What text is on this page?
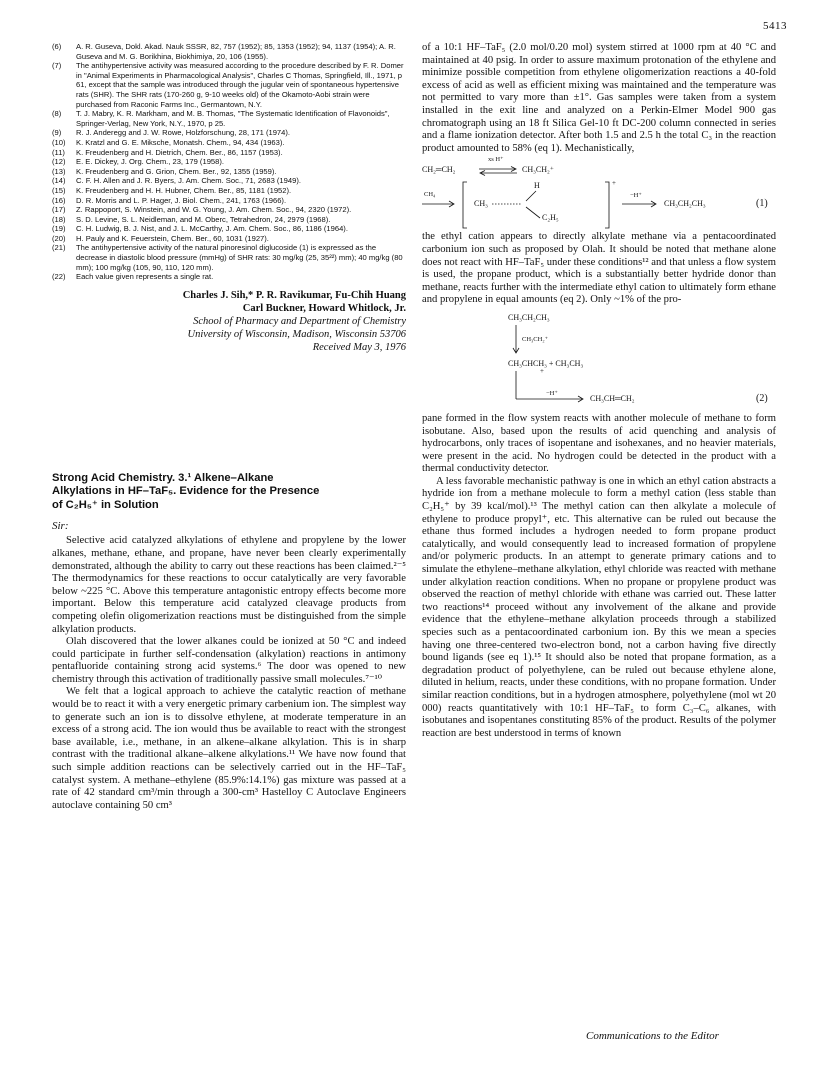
5413
(6)	A. R. Guseva, Dokl. Akad. Nauk SSSR, 82, 757 (1952); 85, 1353 (1952); 94, 1137 (1954); A. R. Guseva and M. G. Borikhina, Biokhimiya, 20, 106 (1955).
(7)	The antihypertensive activity was measured according to the procedure described by F. R. Domer in "Animal Experiments in Pharmacological Analysis", Charles C Thomas, Springfield, Ill., 1971, p 61, except that the sample was introduced through the jugular vein of spontaneous hypertensive rats (SHR). The SHR rats (170-260 g, 9-10 weeks old) of the Okamoto-Aobi strain were purchased from Raconic Farms Inc., Germantown, N.Y.
(8)	T. J. Mabry, K. R. Markham, and M. B. Thomas, "The Systematic Identification of Flavonoids", Springer-Verlag, New York, N.Y., 1970, p 25.
(9)	R. J. Anderegg and J. W. Rowe, Holzforschung, 28, 171 (1974).
(10)	K. Kratzl and G. E. Miksche, Monatsh. Chem., 94, 434 (1963).
(11)	K. Freudenberg and H. Dietrich, Chem. Ber., 86, 1157 (1953).
(12)	E. E. Dickey, J. Org. Chem., 23, 179 (1958).
(13)	K. Freudenberg and G. Grion, Chem. Ber., 92, 1355 (1959).
(14)	C. F. H. Allen and J. R. Byers, J. Am. Chem. Soc., 71, 2683 (1949).
(15)	K. Freudenberg and H. H. Hubner, Chem. Ber., 85, 1181 (1952).
(16)	D. R. Morris and L. P. Hager, J. Biol. Chem., 241, 1763 (1966).
(17)	Z. Rappoport, S. Winstein, and W. G. Young, J. Am. Chem. Soc., 94, 2320 (1972).
(18)	S. D. Levine, S. L. Neidleman, and M. Oberc, Tetrahedron, 24, 2979 (1968).
(19)	C. H. Ludwig, B. J. Nist, and J. L. McCarthy, J. Am. Chem. Soc., 86, 1186 (1964).
(20)	H. Pauly and K. Feuerstein, Chem. Ber., 60, 1031 (1927).
(21)	The antihypertensive activity of the natural pinoresinol diglucoside (1) is expressed as the decrease in diastolic blood pressure (mmHg) of SHR rats: 30 mg/kg (25, 35²²) mm); 40 mg/kg (80 mm); 100 mg/kg (105, 90, 110, 120 mm).
(22)	Each value given represents a single rat.
Charles J. Sih,* P. R. Ravikumar, Fu-Chih Huang
Carl Buckner, Howard Whitlock, Jr.
School of Pharmacy and Department of Chemistry
University of Wisconsin, Madison, Wisconsin 53706
Received May 3, 1976
Strong Acid Chemistry. 3.¹ Alkene–Alkane
Alkylations in HF–TaF₅. Evidence for the Presence
of C₂H₅⁺ in Solution
Sir:

Selective acid catalyzed alkylations of ethylene and propylene by the lower alkanes, methane, ethane, and propane, have never been clearly experimentally demonstrated, although the ability to carry out these reactions has been claimed.²⁻⁵ The thermodynamics for these reactions to occur catalytically are very favorable below ~225 °C. Above this temperature antagonistic entropy effects become more important. Below this temperature acid catalyzed cleavage products from competing olefin oligomerization reactions must be distinguished from the simple alkylation products.

Olah discovered that the lower alkanes could be ionized at 50 °C and indeed could participate in further self-condensation (alkylation) reactions in antimony pentafluoride containing strong acid systems.⁶ The door was opened to new chemistry through this activation of traditionally passive small molecules.⁷⁻¹⁰

We felt that a logical approach to achieve the catalytic reaction of methane would be to react it with a very energetic primary carbenium ion. The simplest way to generate such an ion is to dissolve ethylene, at moderate temperature in an excess of a strong acid. The ion would thus be available to react with the strongest base available, i.e., methane, in an alkene–alkane alkylation. This is in sharp contrast with the traditional alkane–alkene alkylations.¹¹ We have now found that such simple addition reactions can be selectively carried out in the HF–TaF₅ catalyst system. A methane–ethylene (85.9%:14.1%) gas mixture was passed at a rate of 42 standard cm³/min through a 300-cm³ Hastelloy C Autoclave Engineers autoclave containing 50 cm³

of a 10:1 HF–TaF₅ (2.0 mol/0.20 mol) system stirred at 1000 rpm at 40 °C and maintained at 40 psig. In order to assure maximum protonation of the ethylene and minimize possible competition from ethylene oligomerization reactions a 40-fold excess of acid as well as efficient mixing was maintained and the temperature was not permitted to vary more than ±1°. Gas samples were taken from a system installed in the exit line and analyzed on a Perkin-Elmer Model 900 gas chromatograph using an 18 ft Silica Gel-10 ft DC-200 column connected in series and a flame ionization detector. After both 1.5 and 2.5 h the total C₃ in the reaction product amounted to 58% (eq 1). Mechanistically,

CH₂═CH₂
xs H⁺
CH₃CH₂⁺
CH₄
H
CH₃
C₂H₅
+
−H⁺
CH₃CH₂CH₃	(1)

the ethyl cation appears to directly alkylate methane via a pentacoordinated carbonium ion such as proposed by Olah. It should be noted that methane alone does not react with HF–TaF₅ under these conditions¹² and that unless a flow system is used, the propane product, which is a substantially better hydride donor than methane, reacts further with the intermediate ethyl cation to ultimately form ethane and propylene in equal amounts (eq 2). Only ~1% of the pro-

CH₃CH₂CH₃
CH₃CH₂⁺
CH₃CHCH₃ + CH₃CH₃
+
−H⁺
CH₃CH═CH₂	(2)

pane formed in the flow system reacts with another molecule of methane to form isobutane. Also, based upon the results of acid quenching and analysis of hydrocarbons, only traces of isopentane and isohexanes, and no heavier materials, were present in the acid. No hydrogen could be detected in the product with a thermal conductivity detector.

A less favorable mechanistic pathway is one in which an ethyl cation abstracts a hydride ion from a methane molecule to form a methyl cation (less stable than C₂H₅⁺ by 39 kcal/mol).¹³ The methyl cation can then alkylate a molecule of ethylene to produce propyl⁺, etc. This alternative can be ruled out because the ethane thus formed includes a hydrogen needed to form propane product catalytically, and would consequently lead to increased formation of propylene and/or polymeric products. In an attempt to generate primary cations and to simulate the ethylene–methane alkylation, ethyl chloride was reacted with methane under alkylation reaction conditions. When no propane or propylene product was observed the reaction of methyl chloride with ethane was carried out. These latter two reactions¹⁴ proceed without any involvement of the alkane and provide evidence that the ethylene–methane alkylation proceeds through a stabilized species such as a pentacoordinated carbonium ion. By this we mean a species having one three-centered two-electron bond, not a carbon having five directly bound ligands (see eq 1).¹⁵ It should also be noted that propane formation, as a degradation product of polyethylene, can be ruled out because ethylene alone, diluted in helium, reacts, under these conditions, with no propane formation. Under similar reaction conditions, but in a hydrogen atmosphere, polyethylene (mol wt 20 000) reacts quantitatively with 10:1 HF–TaF₅ to form C₃–C₆ alkanes, with isobutanes and isopentanes constituting 85% of the product. Results of the polymer reaction are best understood in terms of known

Communications to the Editor
